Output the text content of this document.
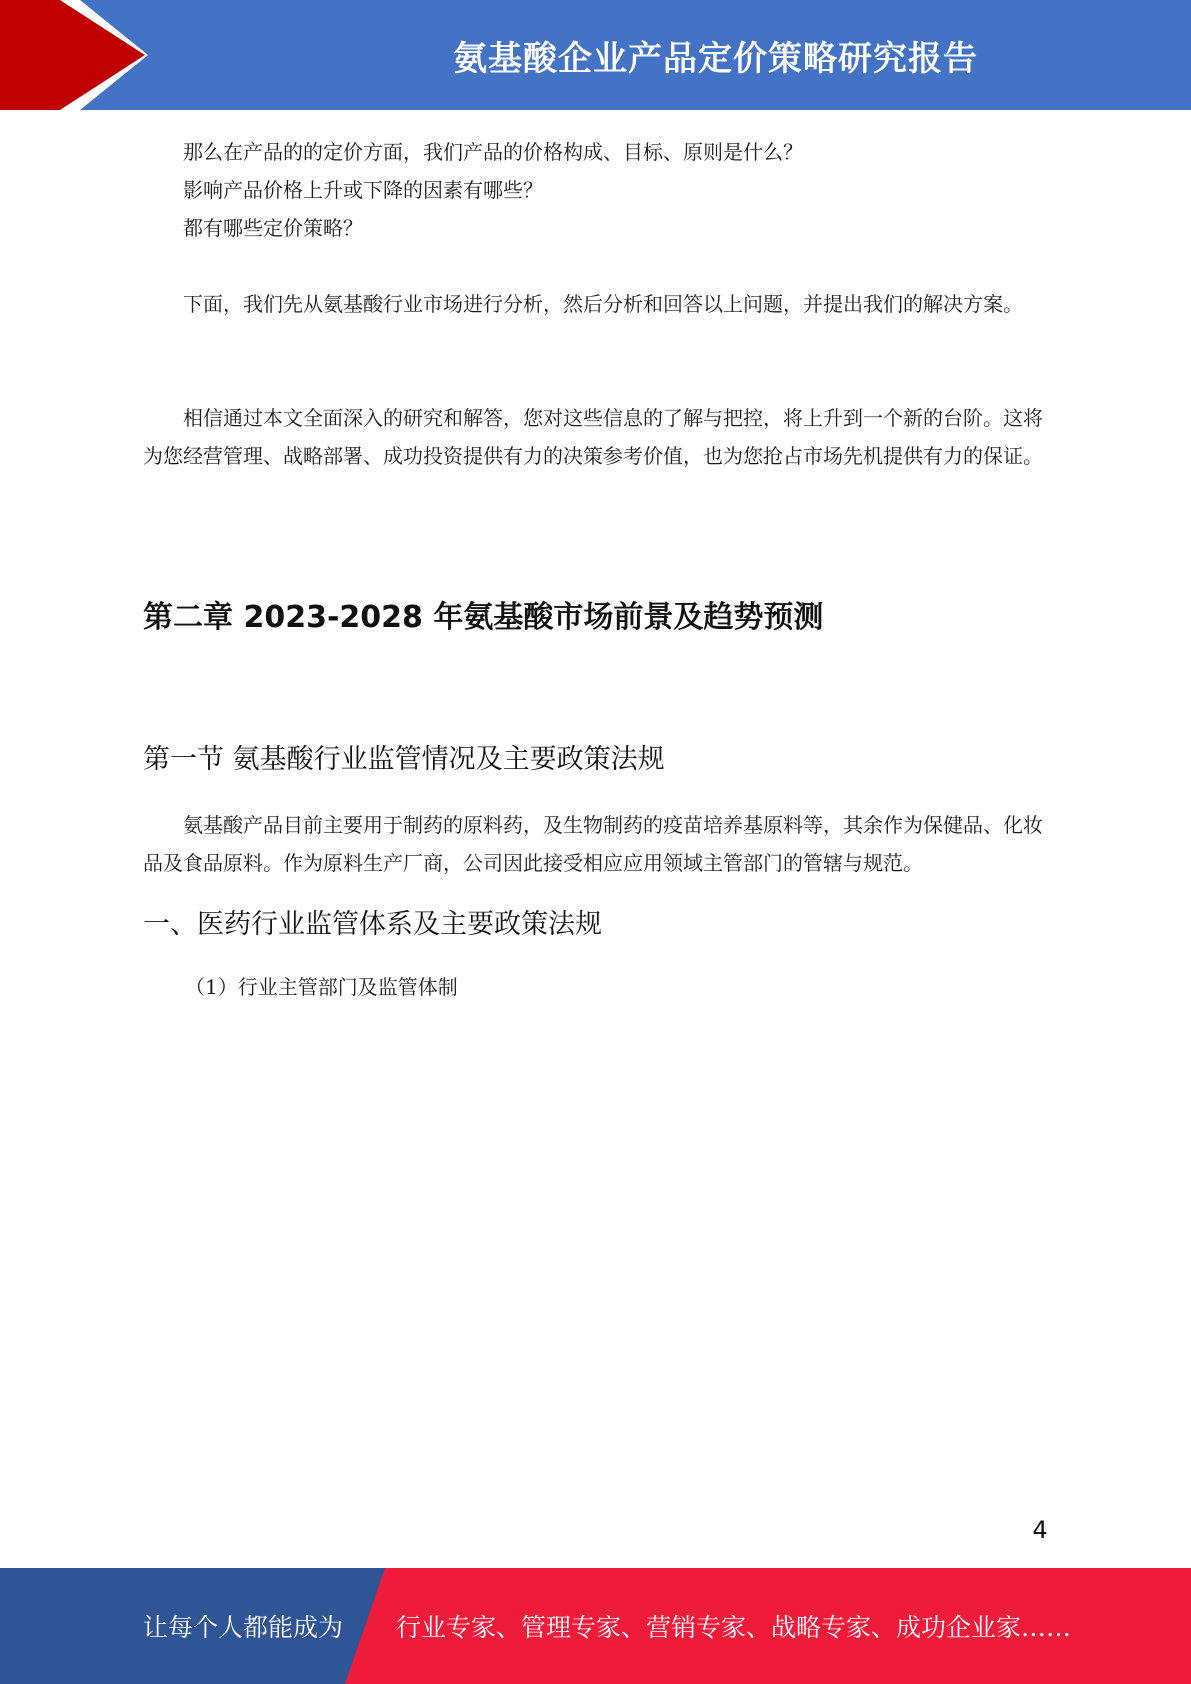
氨基酸企业产品定价策略研究报告

那么在产品的的定价方面，我们产品的价格构成、目标、原则是什么？

影响产品价格上升或下降的因素有哪些？

都有哪些定价策略？

下面，我们先从氨基酸行业市场进行分析，然后分析和回答以上问题，并提出我们的解决方案。

相信通过本文全面深入的研究和解答，您对这些信息的了解与把控，将上升到一个新的台阶。这将为您经营管理、战略部署、成功投资提供有力的决策参考价值，也为您抢占市场先机提供有力的保证。

第二章 2023-2028 年氨基酸市场前景及趋势预测
第一节 氨基酸行业监管情况及主要政策法规

氨基酸产品目前主要用于制药的原料药，及生物制药的疫苗培养基原料等，其余作为保健品、化妆品及食品原料。作为原料生产厂商，公司因此接受相应应用领域主管部门的管辖与规范。

一、医药行业监管体系及主要政策法规

（1）行业主管部门及监管体制

4
让每个人都能成为 行业专家、管理专家、营销专家、战略专家、成功企业家……
